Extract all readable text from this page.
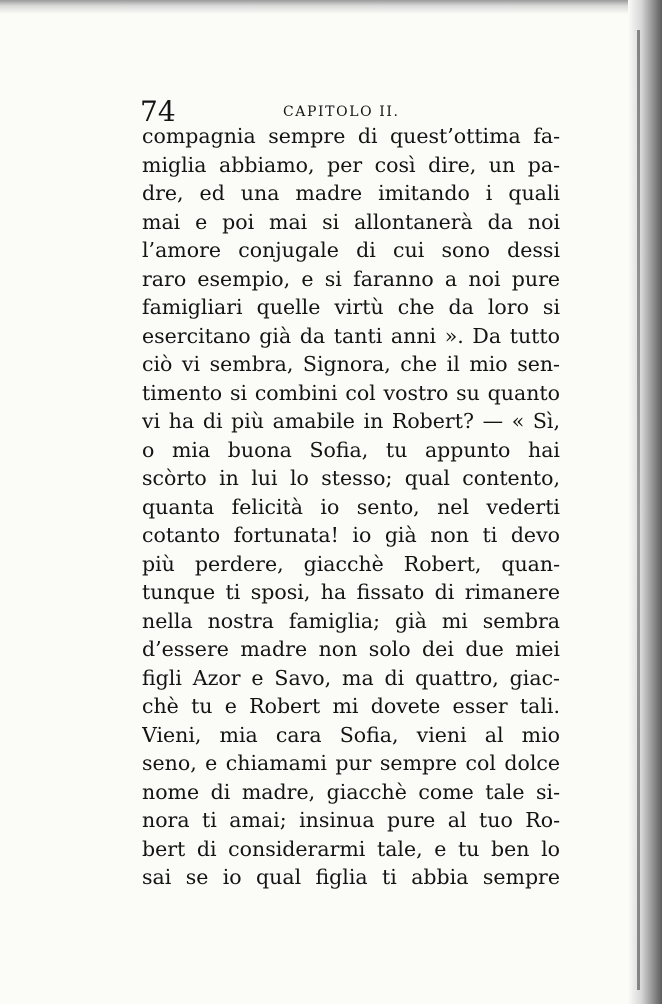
74	CAPITOLO II.
compagnia sempre di quest’ottima fa-
miglia abbiamo, per così dire, un pa-
dre, ed una madre imitando i quali
mai e poi mai si allontanerà da noi
l’amore conjugale di cui sono dessi
raro esempio, e si faranno a noi pure
famigliari quelle virtù che da loro si
esercitano già da tanti anni ». Da tutto
ciò vi sembra, Signora, che il mio sen-
timento si combini col vostro su quanto
vi ha di più amabile in Robert? — « Sì,
o mia buona Sofia, tu appunto hai
scòrto in lui lo stesso; qual contento,
quanta felicità io sento, nel vederti
cotanto fortunata! io già non ti devo
più perdere, giacchè Robert, quan-
tunque ti sposi, ha fissato di rimanere
nella nostra famiglia; già mi sembra
d’essere madre non solo dei due miei
figli Azor e Savo, ma di quattro, giac-
chè tu e Robert mi dovete esser tali.
Vieni, mia cara Sofia, vieni al mio
seno, e chiamami pur sempre col dolce
nome di madre, giacchè come tale si-
nora ti amai; insinua pure al tuo Ro-
bert di considerarmi tale, e tu ben lo
sai se io qual figlia ti abbia sempre
